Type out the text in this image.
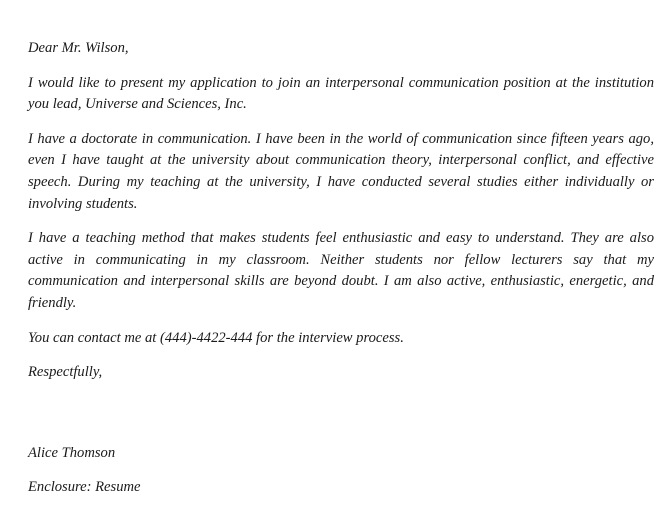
Dear Mr. Wilson,

I would like to present my application to join an interpersonal communication position at the institution you lead, Universe and Sciences, Inc.

I have a doctorate in communication. I have been in the world of communication since fifteen years ago, even I have taught at the university about communication theory, interpersonal conflict, and effective speech. During my teaching at the university, I have conducted several studies either individually or involving students.

I have a teaching method that makes students feel enthusiastic and easy to understand. They are also active in communicating in my classroom. Neither students nor fellow lecturers say that my communication and interpersonal skills are beyond doubt. I am also active, enthusiastic, energetic, and friendly.

You can contact me at (444)-4422-444 for the interview process.

Respectfully,

Alice Thomson

Enclosure: Resume
